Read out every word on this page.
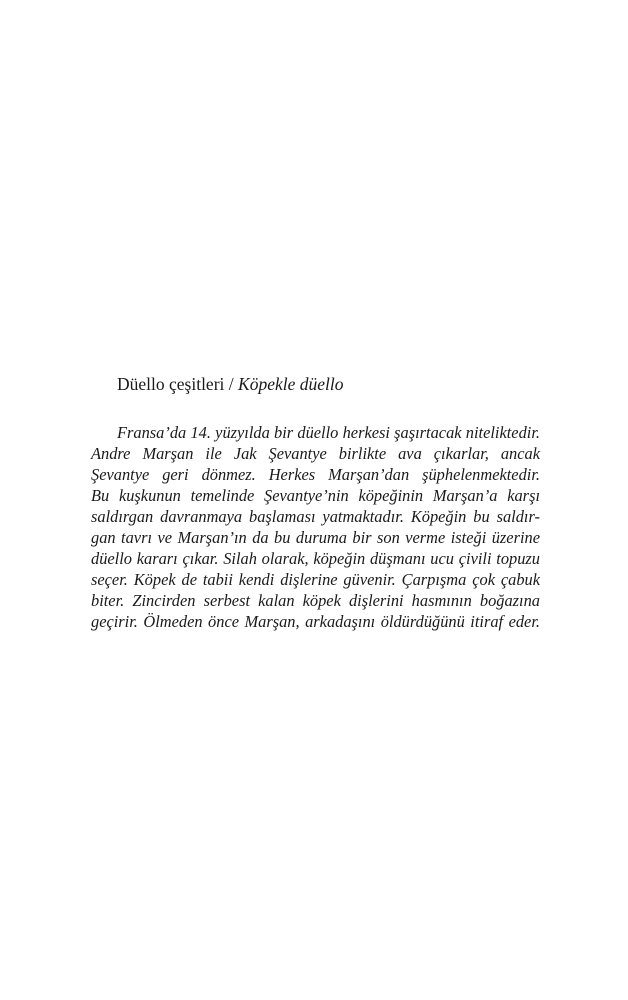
Düello çeşitleri / Köpekle düello
Fransa’da 14. yüzyılda bir düello herkesi şaşırtacak niteliktedir.
Andre Marşan ile Jak Şevantye birlikte ava çıkarlar, ancak
Şevantye geri dönmez. Herkes Marşan’dan şüphelenmektedir.
Bu kuşkunun temelinde Şevantye’nin köpeğinin Marşan’a karşı
saldırgan davranmaya başlaması yatmaktadır. Köpeğin bu saldır-
gan tavrı ve Marşan’ın da bu duruma bir son verme isteği üzerine
düello kararı çıkar. Silah olarak, köpeğin düşmanı ucu çivili topuzu
seçer. Köpek de tabii kendi dişlerine güvenir. Çarpışma çok çabuk
biter. Zincirden serbest kalan köpek dişlerini hasmının boğazına
geçirir. Ölmeden önce Marşan, arkadaşını öldürdüğünü itiraf eder.
